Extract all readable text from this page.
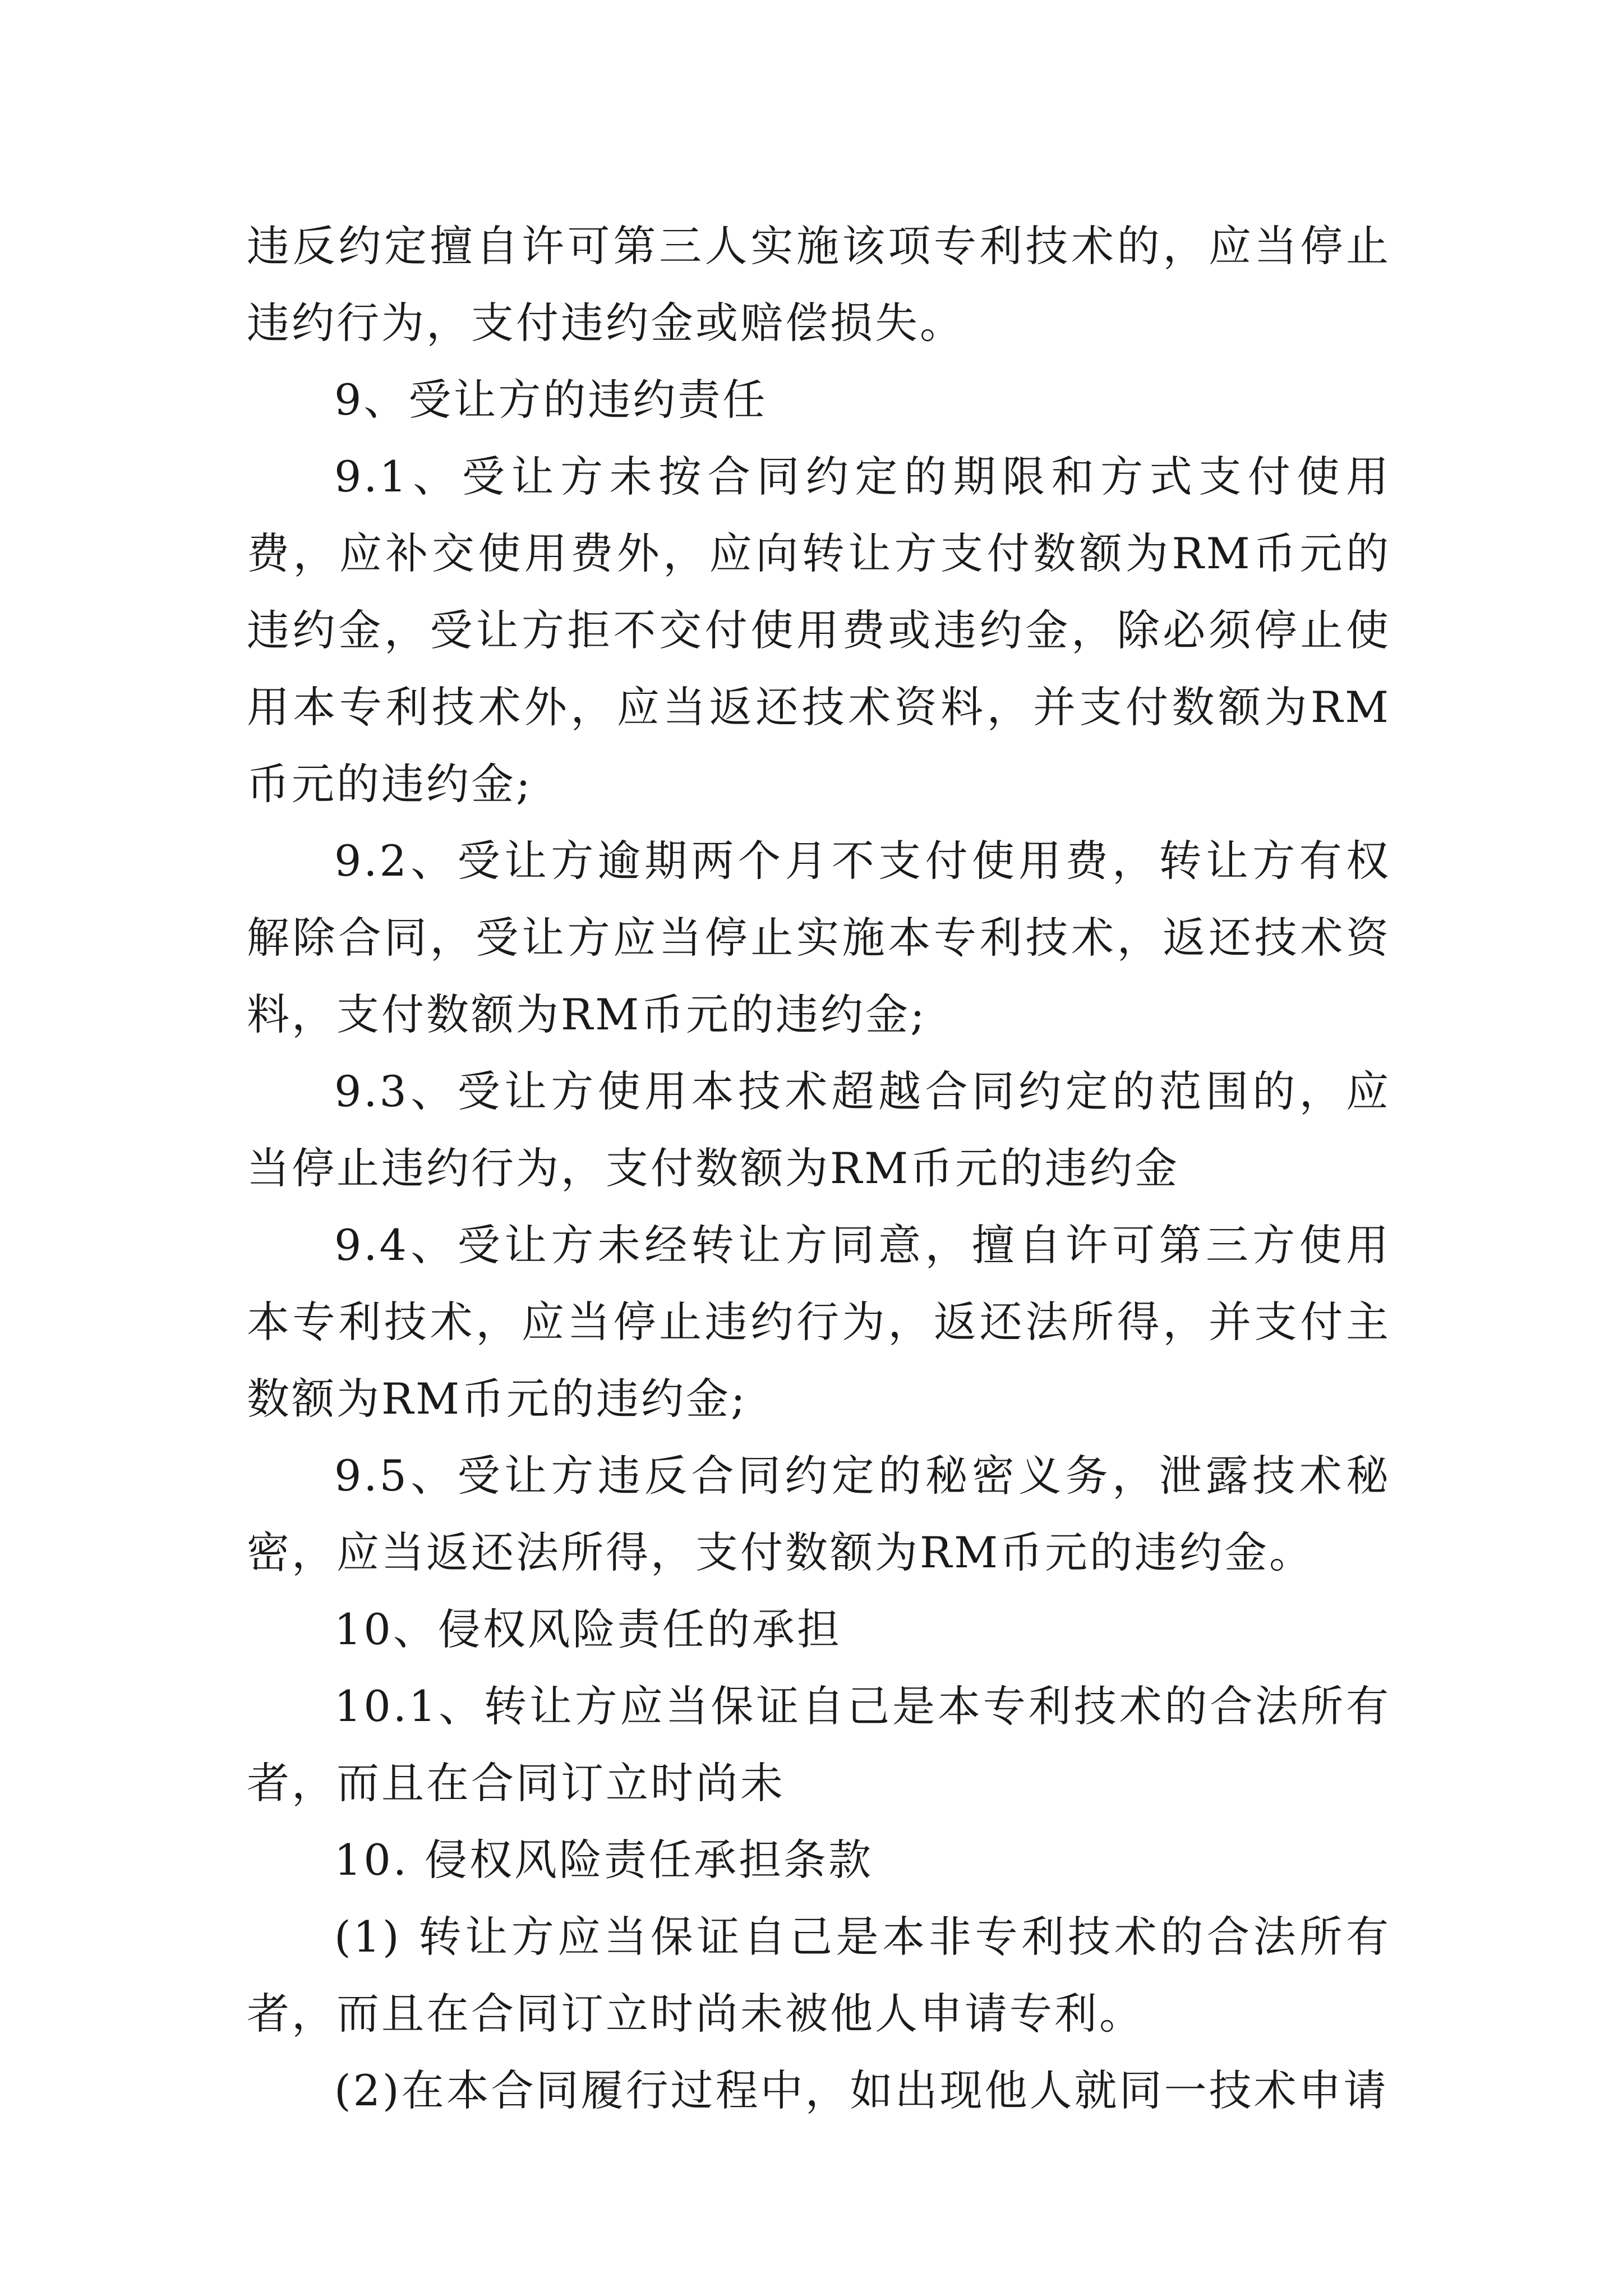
违反约定擅自许可第三人实施该项专利技术的，应当停止违约行为，支付违约金或赔偿损失。

9、受让方的违约责任

9.1、受让方未按合同约定的期限和方式支付使用费，应补交使用费外，应向转让方支付数额为RM币元的违约金，受让方拒不交付使用费或违约金，除必须停止使用本专利技术外，应当返还技术资料，并支付数额为RM币元的违约金;

9.2、受让方逾期两个月不支付使用费，转让方有权解除合同，受让方应当停止实施本专利技术，返还技术资料，支付数额为RM币元的违约金;

9.3、受让方使用本技术超越合同约定的范围的，应当停止违约行为，支付数额为RM币元的违约金

9.4、受让方未经转让方同意，擅自许可第三方使用本专利技术，应当停止违约行为，返还法所得，并支付主数额为RM币元的违约金;

9.5、受让方违反合同约定的秘密义务，泄露技术秘密，应当返还法所得，支付数额为RM币元的违约金。

10、侵权风险责任的承担

10.1、转让方应当保证自己是本专利技术的合法所有者，而且在合同订立时尚未

10. 侵权风险责任承担条款

(1) 转让方应当保证自己是本非专利技术的合法所有者，而且在合同订立时尚未被他人申请专利。

(2)在本合同履行过程中，如出现他人就同一技术申请
